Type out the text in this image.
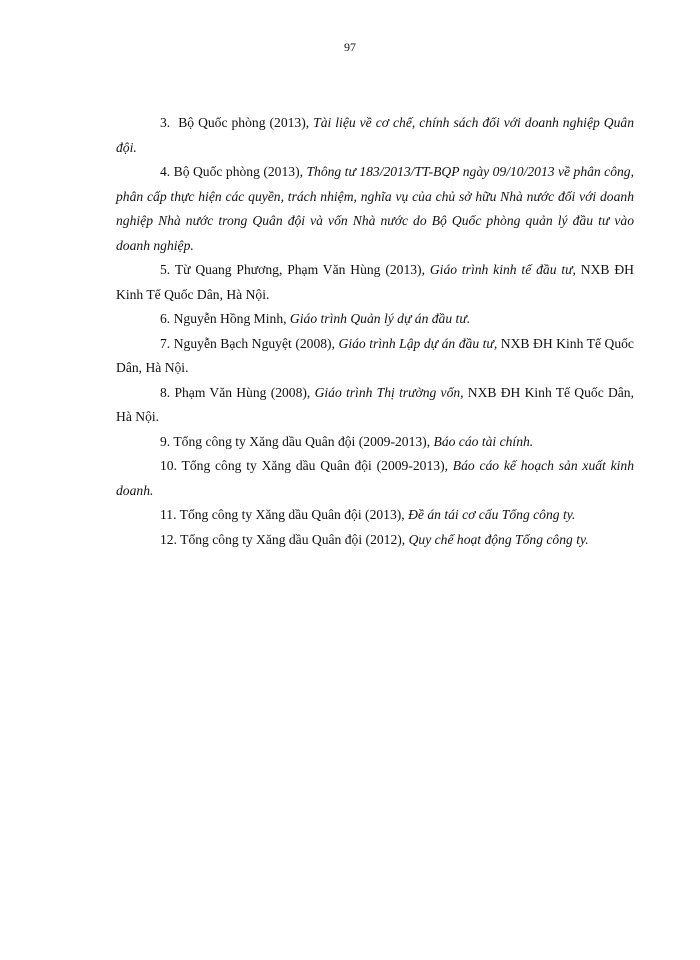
97

3. Bộ Quốc phòng (2013), Tài liệu về cơ chế, chính sách đối với doanh nghiệp Quân đội.

4. Bộ Quốc phòng (2013), Thông tư 183/2013/TT-BQP ngày 09/10/2013 về phân công, phân cấp thực hiện các quyền, trách nhiệm, nghĩa vụ của chủ sở hữu Nhà nước đối với doanh nghiệp Nhà nước trong Quân đội và vốn Nhà nước do Bộ Quốc phòng quản lý đầu tư vào doanh nghiệp.

5. Từ Quang Phương, Phạm Văn Hùng (2013), Giáo trình kinh tế đầu tư, NXB ĐH Kinh Tế Quốc Dân, Hà Nội.

6. Nguyễn Hồng Minh, Giáo trình Quản lý dự án đầu tư.

7. Nguyễn Bạch Nguyệt (2008), Giáo trình Lập dự án đầu tư, NXB ĐH Kinh Tế Quốc Dân, Hà Nội.

8. Phạm Văn Hùng (2008), Giáo trình Thị trường vốn, NXB ĐH Kinh Tế Quốc Dân, Hà Nội.

9. Tổng công ty Xăng dầu Quân đội (2009-2013), Báo cáo tài chính.

10. Tổng công ty Xăng dầu Quân đội (2009-2013), Báo cáo kế hoạch sản xuất kinh doanh.

11. Tổng công ty Xăng dầu Quân đội (2013), Đề án tái cơ cấu Tổng công ty.

12. Tổng công ty Xăng dầu Quân đội (2012), Quy chế hoạt động Tổng công ty.
